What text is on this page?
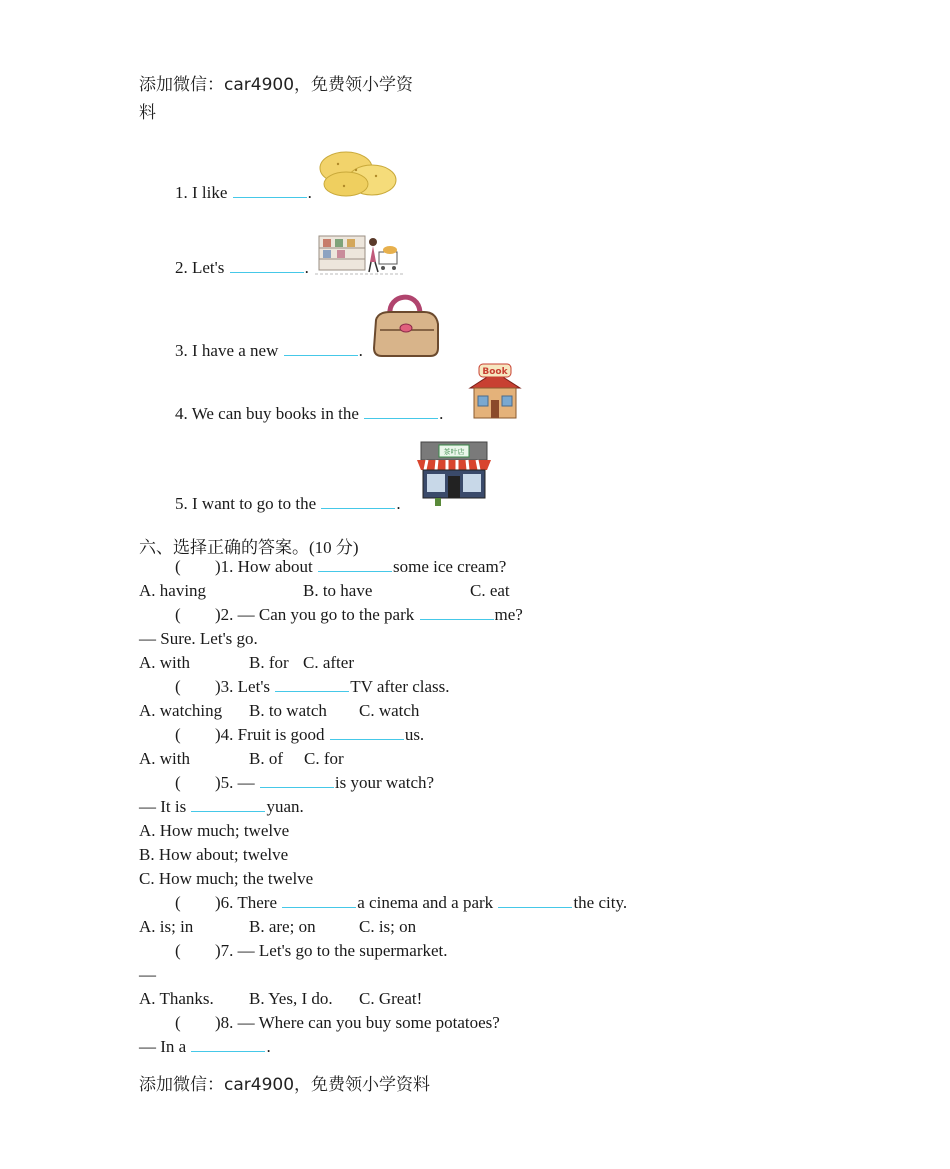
添加微信：car4900，免费领小学资
料
1. I like	.
2. Let's	.
3. I have a new	.
4. We can buy books in the	.
Book
5. I want to go to the	.
茶叶店
六、选择正确的答案。(10 分)
( )1. How about	some ice cream?
A. having	B. to have	C. eat
( )2. — Can you go to the park	me?
— Sure. Let's go.
A. with	B. for C. after
( )3. Let's	TV after class.
A. watching B. to watch C. watch
( )4. Fruit is good	us.
A. with	B. of C. for
( )5. —	is your watch?
— It is	yuan.
A. How much; twelve
B. How about; twelve
C. How much; the twelve
( )6. There	a cinema and a park	the city.
A. is; in	B. are; on	C. is; on
( )7. — Let's go to the supermarket.
—
A. Thanks. B. Yes, I do. C. Great!
( )8. — Where can you buy some potatoes?
— In a	.
添加微信：car4900，免费领小学资料
